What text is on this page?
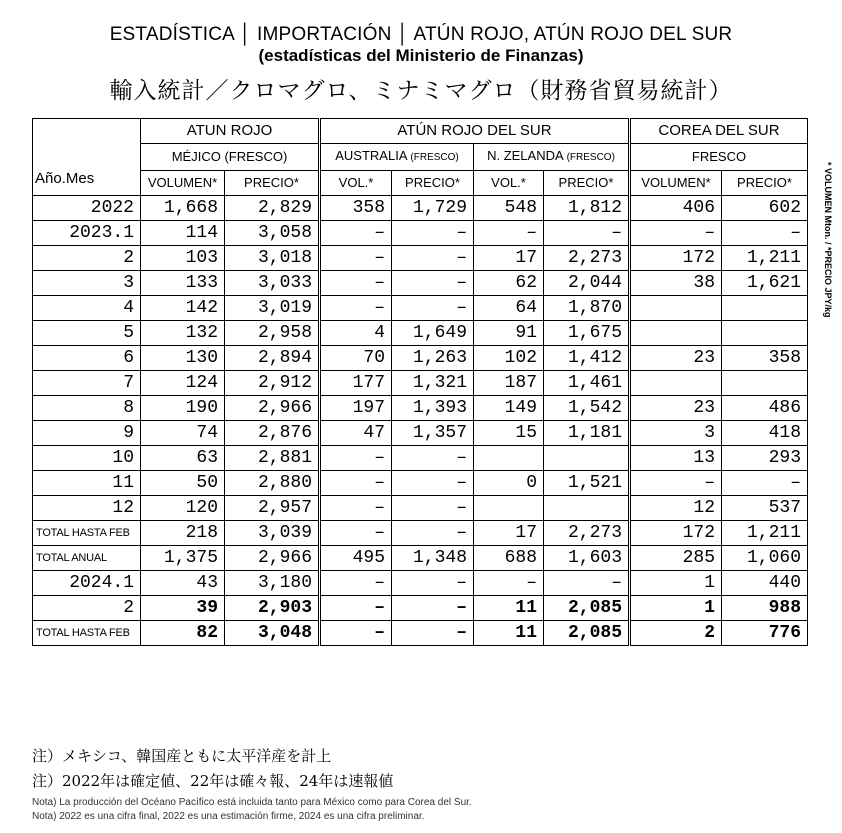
ESTADÍSTICA │ IMPORTACIÓN │ ATÚN ROJO, ATÚN ROJO DEL SUR
(estadísticas del Ministerio de Finanzas)
輸入統計／クロマグロ、ミナミマグロ（財務省貿易統計）
Año.Mes	ATUN ROJO		ATÚN ROJO DEL SUR				COREA DEL SUR	
	MÉJICO (FRESCO)		AUSTRALIA (FRESCO)		N. ZELANDA (FRESCO)		FRESCO	
	VOLUMEN*	PRECIO*	VOL.*	PRECIO*	VOL.*	PRECIO*	VOLUMEN*	PRECIO*
2022	1,668	2,829	358	1,729	548	1,812	406	602
2023.1	114	3,058	–	–	–	–	–	–
2	103	3,018	–	–	17	2,273	172	1,211
3	133	3,033	–	–	62	2,044	38	1,621
4	142	3,019	–	–	64	1,870		
5	132	2,958	4	1,649	91	1,675		
6	130	2,894	70	1,263	102	1,412	23	358
7	124	2,912	177	1,321	187	1,461		
8	190	2,966	197	1,393	149	1,542	23	486
9	74	2,876	47	1,357	15	1,181	3	418
10	63	2,881	–	–			13	293
11	50	2,880	–	–	0	1,521	–	–
12	120	2,957	–	–			12	537
TOTAL HASTA FEB	218	3,039	–	–	17	2,273	172	1,211
TOTAL ANUAL	1,375	2,966	495	1,348	688	1,603	285	1,060
2024.1	43	3,180	–	–	–	–	1	440
2	39	2,903	–	–	11	2,085	1	988
TOTAL HASTA FEB	82	3,048	–	–	11	2,085	2	776
* VOLUMEN Mton. / *PRECIO JPY/kg
注）メキシコ、韓国産ともに太平洋産を計上
注）2022年は確定値、22年は確々報、24年は速報値
Nota) La producción del Océano Pacífico está incluida tanto para México como para Corea del Sur.
Nota) 2022 es una cifra final, 2022 es una estimación firme, 2024 es una cifra preliminar.
